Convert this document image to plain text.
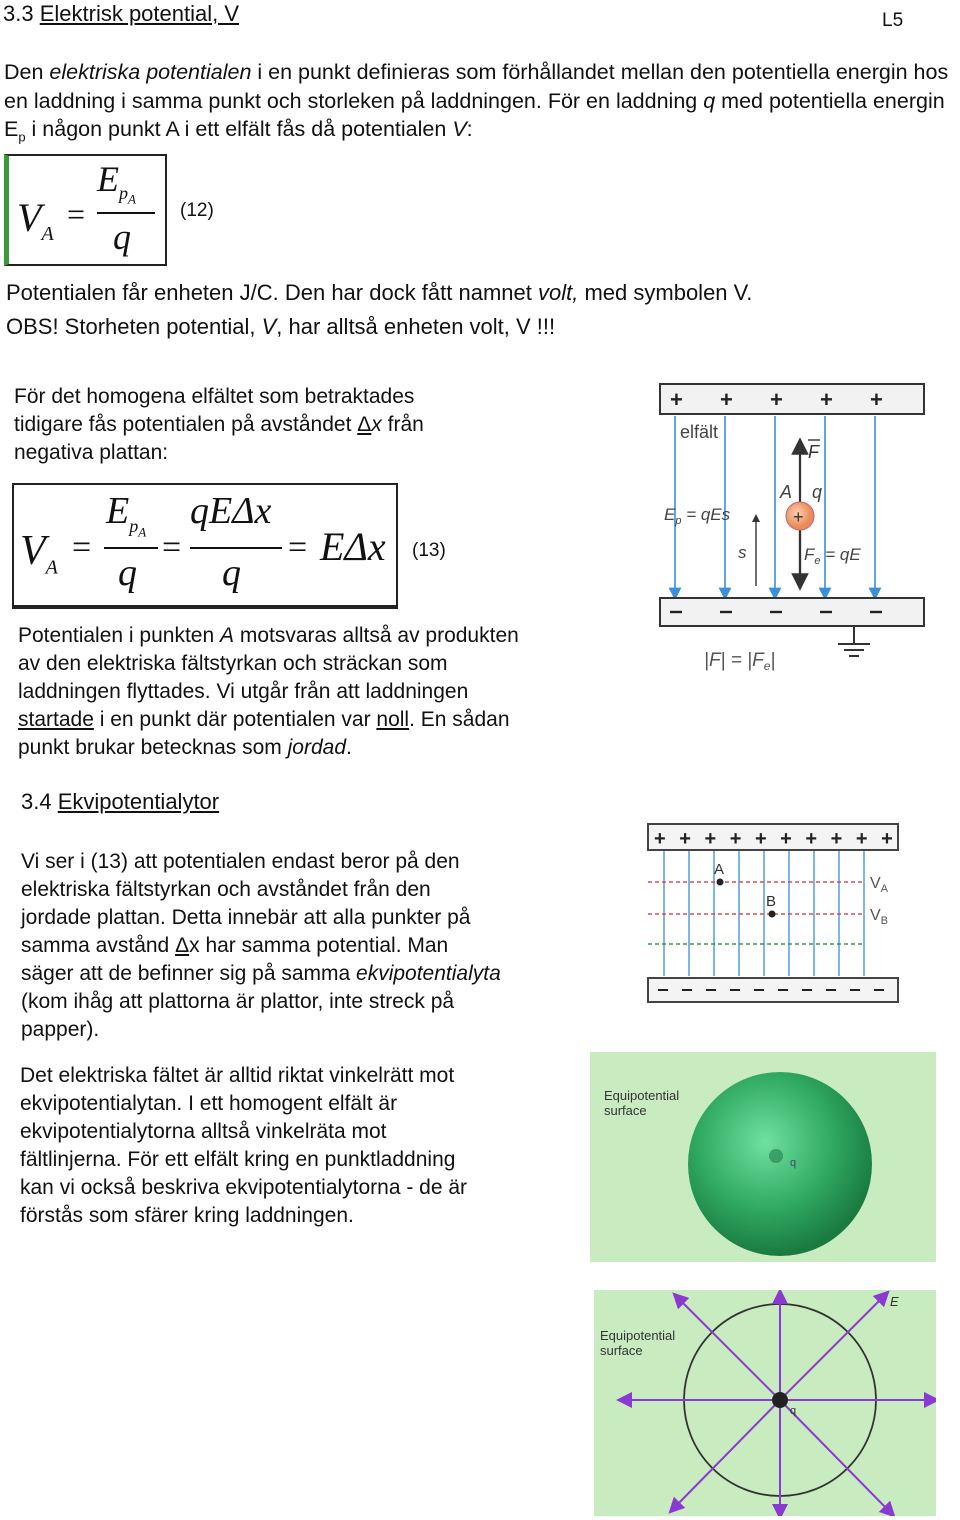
3.3 Elektrisk potential, V	L5
Den elektriska potentialen i en punkt definieras som förhållandet mellan den potentiella energin hos en laddning i samma punkt och storleken på laddningen. För en laddning q med potentiella energin $E_p$ i någon punkt A i ett elfält fås då potentialen V:
$V_A$
=
$E_{p_A}$
q
(12)
Potentialen får enheten J/C. Den har dock fått namnet volt, med symbolen V.
OBS! Storheten potential, V, har alltså enheten volt, V !!!
För det homogena elfältet som betraktades
tidigare fås potentialen på avståndet Δx från
negativa plattan:
$V_A$
=
$E_{p_A}$
q
=
qEΔx
q
= EΔx (13)
+ + + + +
elfält
+
F
A q
$E_p$ = qEs
s	$F_e$ = qE
$|F| = |F_e|$
Potentialen i punkten A motsvaras alltså av produkten
av den elektriska fältstyrkan och sträckan som
laddningen flyttades. Vi utgår från att laddningen
startade i en punkt där potentialen var noll. En sådan
punkt brukar betecknas som jordad.
3.4 Ekvipotentialytor
Vi ser i (13) att potentialen endast beror på den
elektriska fältstyrkan och avståndet från den
jordade plattan. Detta innebär att alla punkter på
samma avstånd Δx har samma potential. Man
säger att de befinner sig på samma ekvipotentialyta
(kom ihåg att plattorna är plattor, inte streck på
papper).
+ + + + + + + + + +
A
B
$V_A$
$V_B$
Det elektriska fältet är alltid riktat vinkelrätt mot
ekvipotentialytan. I ett homogent elfält är
ekvipotentialytorna alltså vinkelräta mot
fältlinjerna. För ett elfält kring en punktladdning
kan vi också beskriva ekvipotentialytorna - de är
förstås som sfärer kring laddningen.
q
Equipotential
surface
q
E
Equipotential
surface
